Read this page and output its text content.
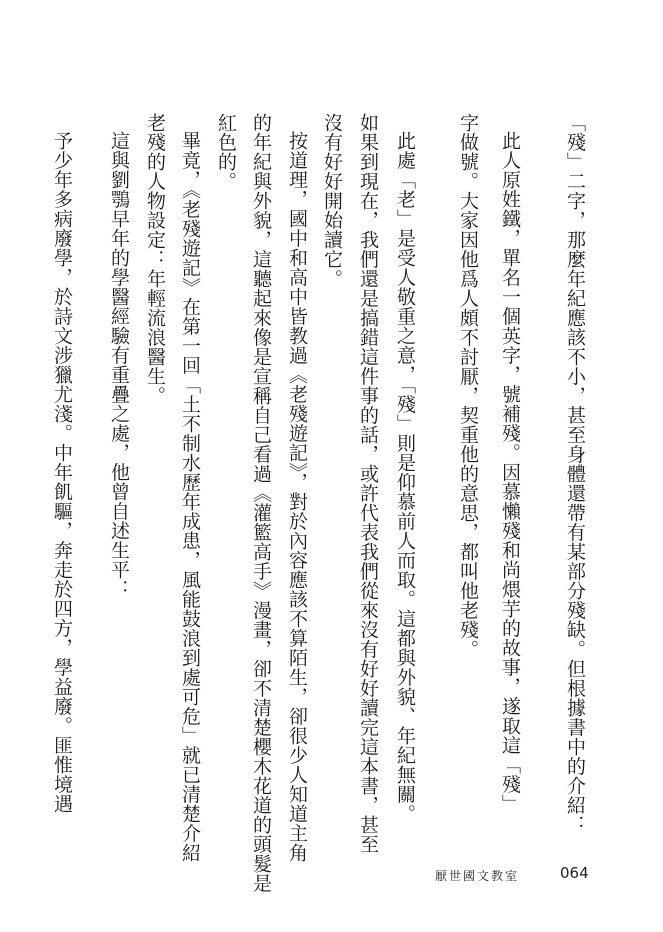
「殘」二字，那麼年紀應該不小，甚至身體還帶有某部分殘缺。但根據書中的介紹：
此人原姓鐵，單名一個英字，號補殘。因慕懶殘和尚煨芋的故事，遂取這「殘」
字做號。大家因他爲人頗不討厭，契重他的意思，都叫他老殘。
此處「老」是受人敬重之意，「殘」則是仰慕前人而取。這都與外貌、年紀無關。
如果到現在，我們還是搞錯這件事的話，或許代表我們從來沒有好好讀完這本書，甚至
沒有好好開始讀它。
按道理，國中和高中皆教過《老殘遊記》，對於內容應該不算陌生，卻很少人知道主角
的年紀與外貌，這聽起來像是宣稱自己看過《灌籃高手》漫畫，卻不清楚櫻木花道的頭髮是
紅色的。
畢竟，《老殘遊記》在第一回「土不制水歷年成患，風能鼓浪到處可危」就已清楚介紹
老殘的人物設定：年輕流浪醫生。
這與劉鶚早年的學醫經驗有重疊之處，他曾自述生平：
予少年多病廢學，於詩文涉獵尤淺。中年飢驅，奔走於四方，學益廢。匪惟境遇
厭世國文教室	064
